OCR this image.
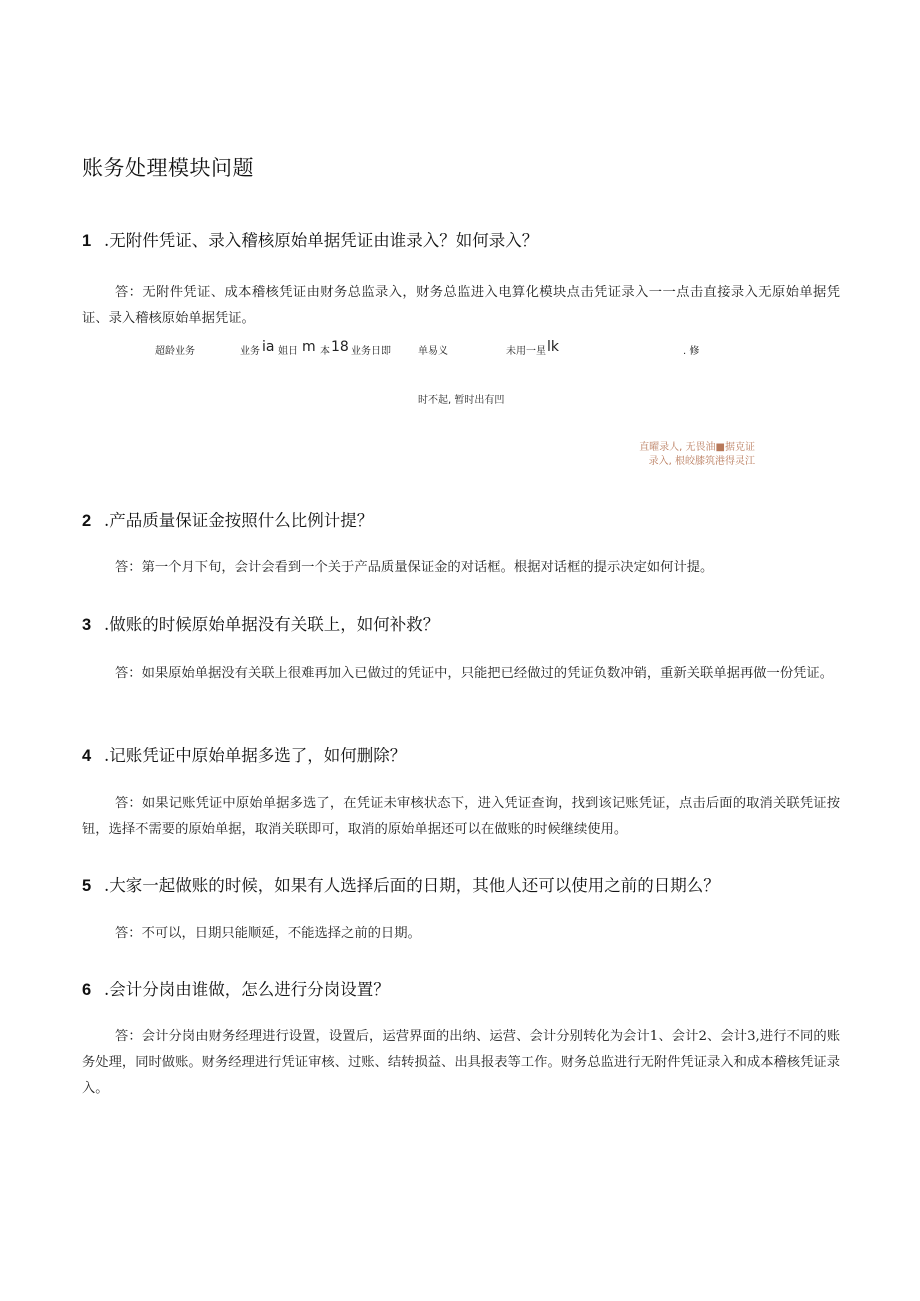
账务处理模块问题

1 .无附件凭证、录入稽核原始单据凭证由谁录入？如何录入？

答：无附件凭证、成本稽核凭证由财务总监录入，财务总监进入电算化模块点击凭证录入一一点击直接录入无原始单据凭证、录入稽核原始单据凭证。

超龄业务	业务 ia 姐日 m 本 18 业务日即	单易义	未用一星 lk	. 修
时不起, 暂时出有凹
直曜录人, 无畏油■据克证
录入, 根皎膝筑港得灵江

2 .产品质量保证金按照什么比例计提？

答：第一个月下旬，会计会看到一个关于产品质量保证金的对话框。根据对话框的提示决定如何计提。

3 .做账的时候原始单据没有关联上，如何补救？

答：如果原始单据没有关联上很难再加入已做过的凭证中，只能把已经做过的凭证负数冲销，重新关联单据再做一份凭证。

4 .记账凭证中原始单据多选了，如何删除？

答：如果记账凭证中原始单据多选了，在凭证未审核状态下，进入凭证查询，找到该记账凭证，点击后面的取消关联凭证按钮，选择不需要的原始单据，取消关联即可，取消的原始单据还可以在做账的时候继续使用。

5 .大家一起做账的时候，如果有人选择后面的日期，其他人还可以使用之前的日期么？

答：不可以，日期只能顺延，不能选择之前的日期。

6 .会计分岗由谁做，怎么进行分岗设置？

答：会计分岗由财务经理进行设置，设置后，运营界面的出纳、运营、会计分别转化为会计1、会计2、会计3,进行不同的账务处理，同时做账。财务经理进行凭证审核、过账、结转损益、出具报表等工作。财务总监进行无附件凭证录入和成本稽核凭证录入。
